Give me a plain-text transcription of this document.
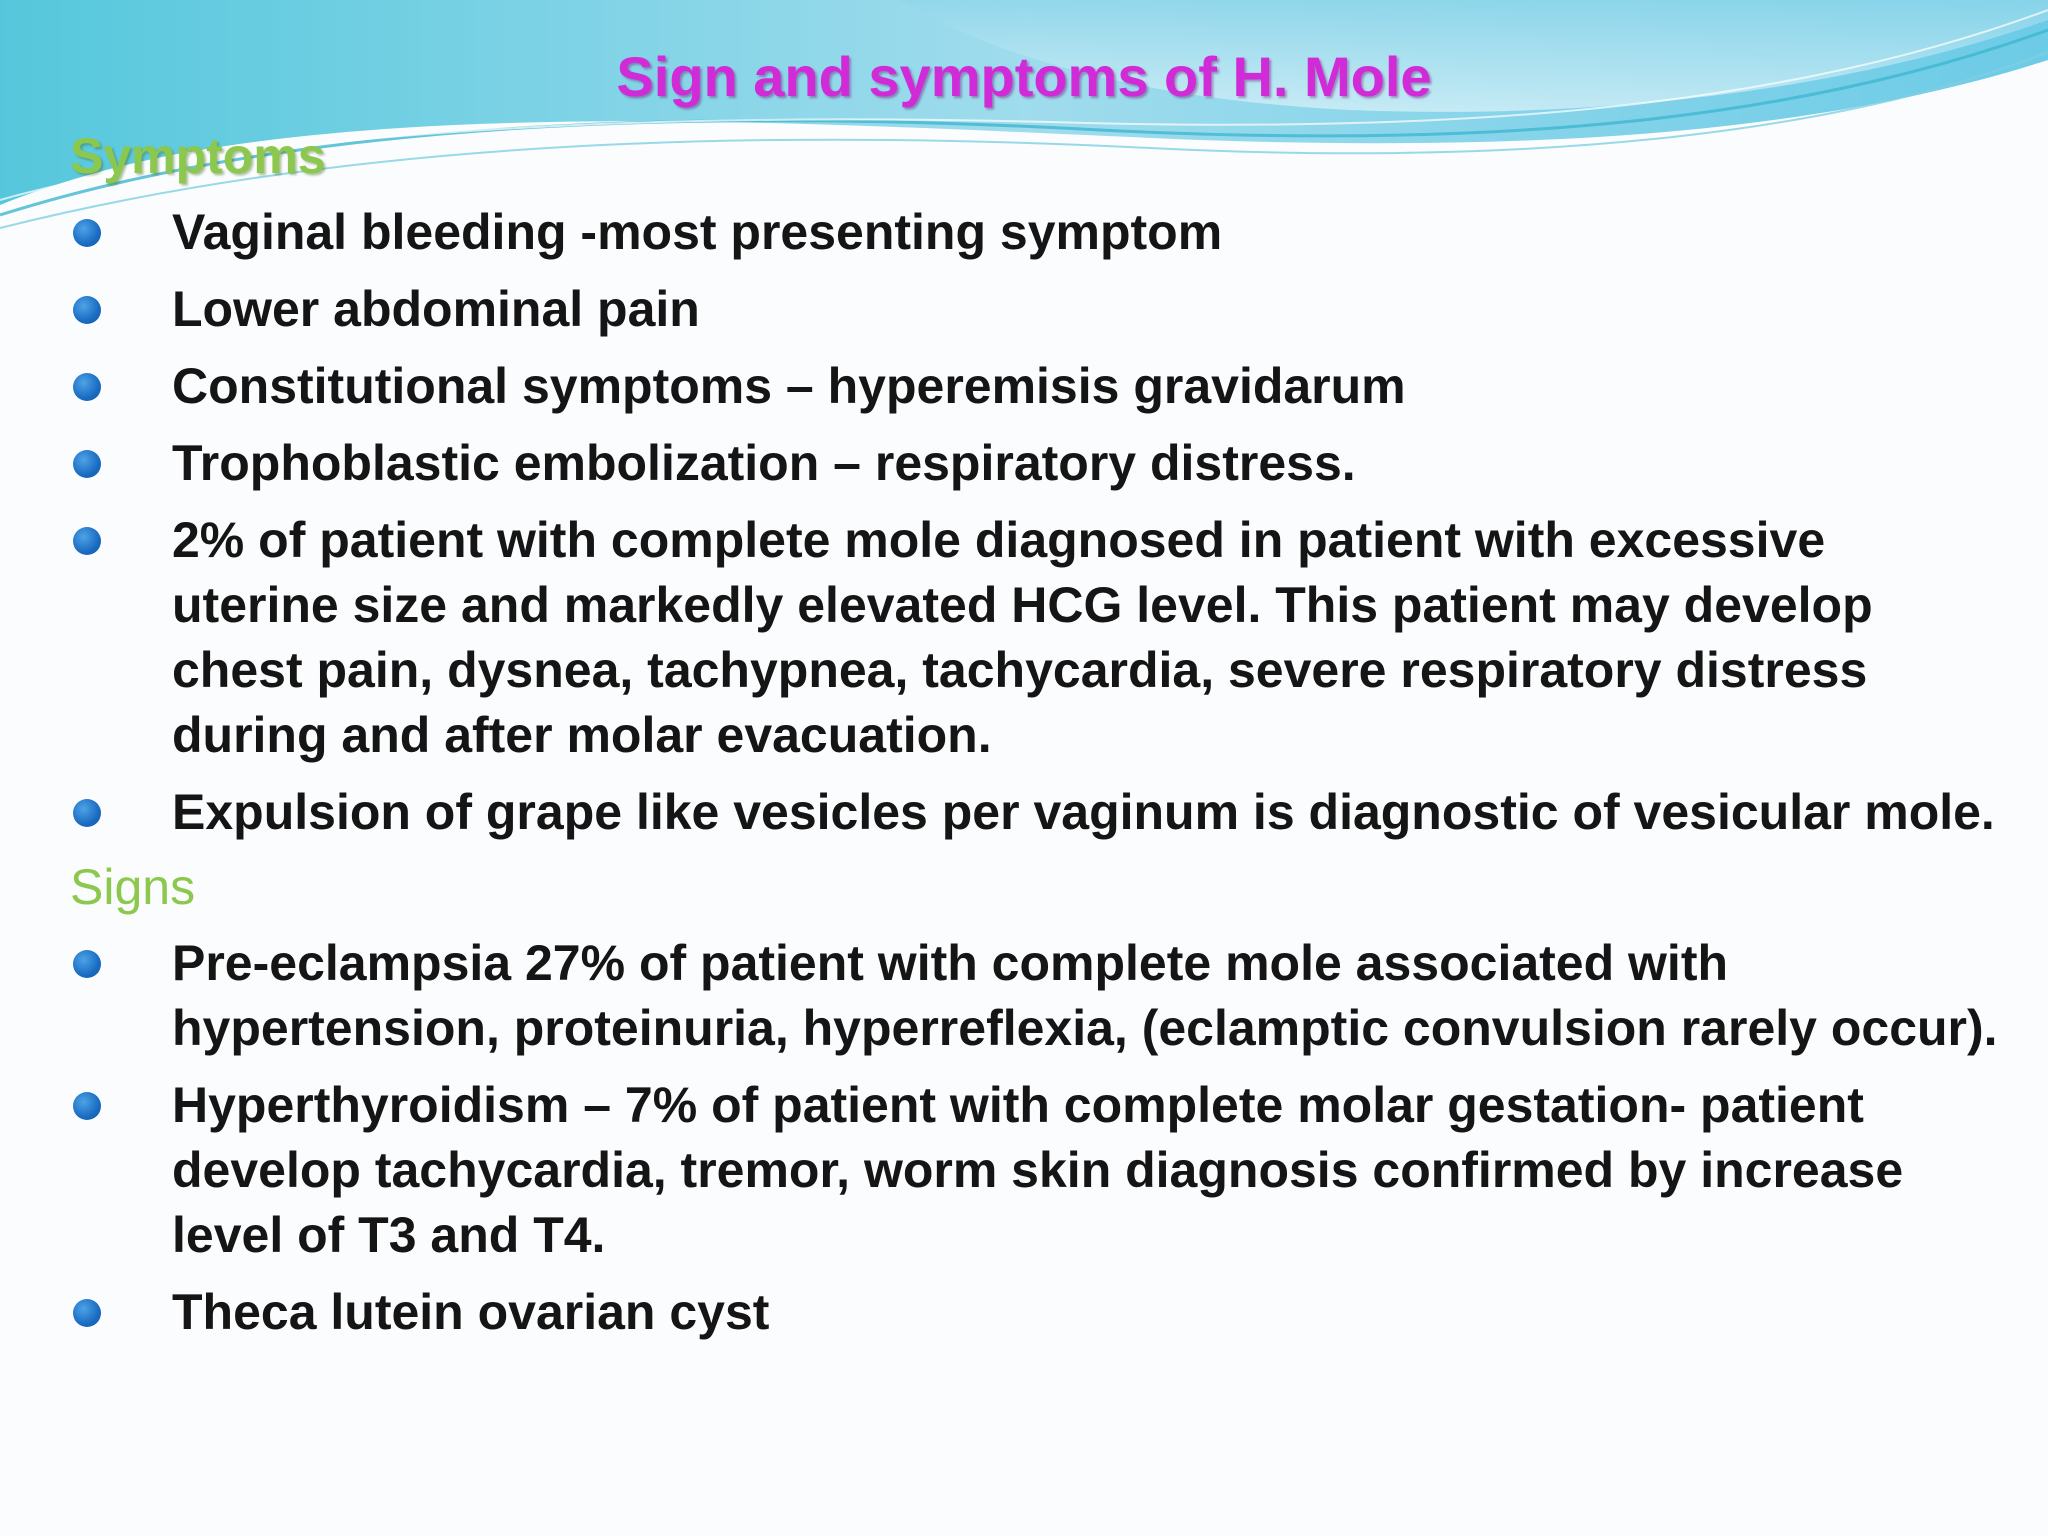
Sign and symptoms of H. Mole
Symptoms
Vaginal bleeding -most presenting symptom
Lower abdominal pain
Constitutional symptoms – hyperemisis gravidarum
Trophoblastic embolization – respiratory distress.
2% of patient with complete mole diagnosed in patient with excessive uterine size and markedly elevated HCG level. This patient may develop chest pain, dysnea, tachypnea, tachycardia, severe respiratory distress during and after molar evacuation.
Expulsion of grape like vesicles per vaginum is diagnostic of vesicular mole.
Signs
Pre-eclampsia 27% of patient with complete mole associated with hypertension, proteinuria, hyperreflexia, (eclamptic convulsion rarely occur).
Hyperthyroidism – 7% of patient with complete molar gestation- patient develop tachycardia, tremor, worm skin diagnosis confirmed by increase level of T3 and T4.
Theca lutein ovarian cyst
